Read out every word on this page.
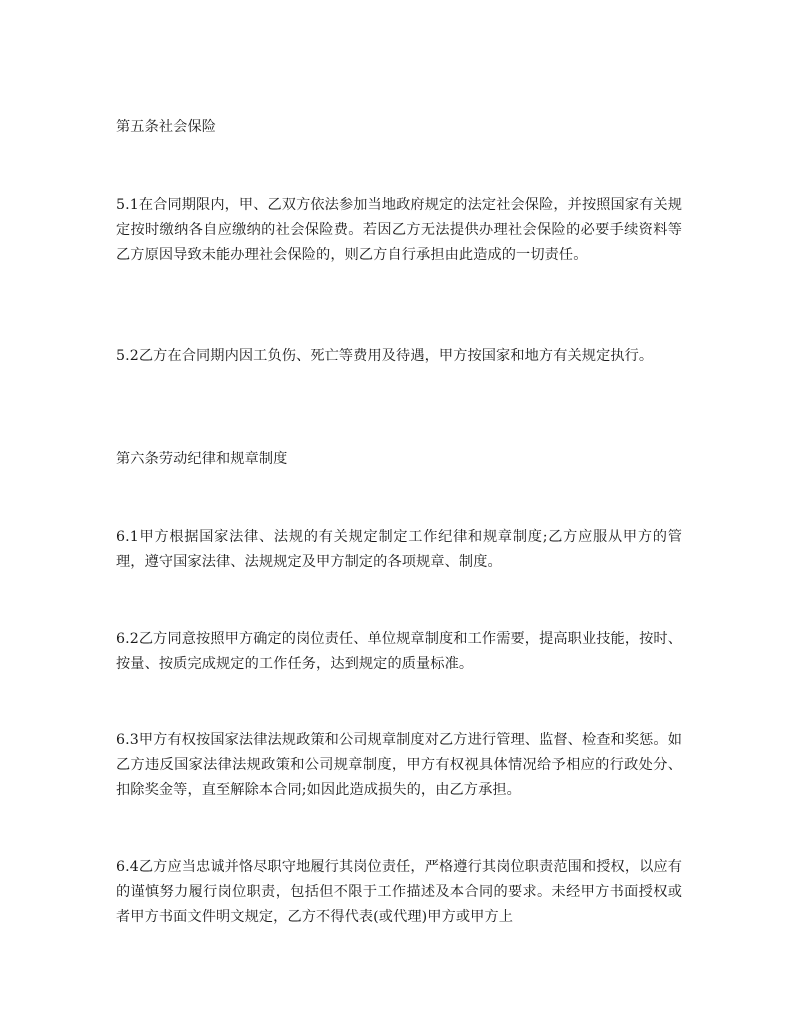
第五条社会保险

5.1在合同期限内，甲、乙双方依法参加当地政府规定的法定社会保险，并按照国家有关规定按时缴纳各自应缴纳的社会保险费。若因乙方无法提供办理社会保险的必要手续资料等乙方原因导致未能办理社会保险的，则乙方自行承担由此造成的一切责任。

5.2乙方在合同期内因工负伤、死亡等费用及待遇，甲方按国家和地方有关规定执行。

第六条劳动纪律和规章制度

6.1甲方根据国家法律、法规的有关规定制定工作纪律和规章制度;乙方应服从甲方的管理，遵守国家法律、法规规定及甲方制定的各项规章、制度。

6.2乙方同意按照甲方确定的岗位责任、单位规章制度和工作需要，提高职业技能，按时、按量、按质完成规定的工作任务，达到规定的质量标准。

6.3甲方有权按国家法律法规政策和公司规章制度对乙方进行管理、监督、检查和奖惩。如乙方违反国家法律法规政策和公司规章制度，甲方有权视具体情况给予相应的行政处分、扣除奖金等，直至解除本合同;如因此造成损失的，由乙方承担。

6.4乙方应当忠诚并恪尽职守地履行其岗位责任，严格遵行其岗位职责范围和授权，以应有的谨慎努力履行岗位职责，包括但不限于工作描述及本合同的要求。未经甲方书面授权或者甲方书面文件明文规定，乙方不得代表(或代理)甲方或甲方上
